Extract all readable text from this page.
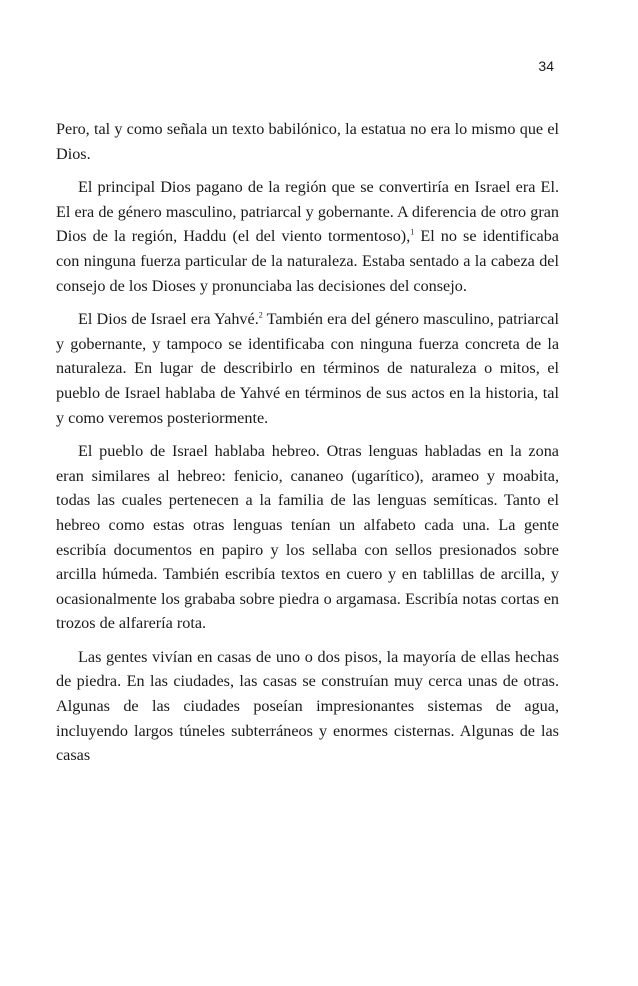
34

Pero, tal y como señala un texto babilónico, la estatua no era lo mismo que el Dios.

El principal Dios pagano de la región que se convertiría en Israel era El. El era de género masculino, patriarcal y gobernante. A diferencia de otro gran Dios de la región, Haddu (el del viento tormentoso),$^1$ El no se identificaba con ninguna fuerza particular de la naturaleza. Estaba sentado a la cabeza del consejo de los Dioses y pronunciaba las decisiones del consejo.

El Dios de Israel era Yahvé.$^2$ También era del género masculino, patriarcal y gobernante, y tampoco se identificaba con ninguna fuerza concreta de la naturaleza. En lugar de describirlo en términos de naturaleza o mitos, el pueblo de Israel hablaba de Yahvé en términos de sus actos en la historia, tal y como veremos posteriormente.

El pueblo de Israel hablaba hebreo. Otras lenguas habladas en la zona eran similares al hebreo: fenicio, cananeo (ugarítico), arameo y moabita, todas las cuales pertenecen a la familia de las lenguas semíticas. Tanto el hebreo como estas otras lenguas tenían un alfabeto cada una. La gente escribía documentos en papiro y los sellaba con sellos presionados sobre arcilla húmeda. También escribía textos en cuero y en tablillas de arcilla, y ocasionalmente los grababa sobre piedra o argamasa. Escribía notas cortas en trozos de alfarería rota.

Las gentes vivían en casas de uno o dos pisos, la mayoría de ellas hechas de piedra. En las ciudades, las casas se construían muy cerca unas de otras. Algunas de las ciudades poseían impresionantes sistemas de agua, incluyendo largos túneles subterráneos y enormes cisternas. Algunas de las casas
